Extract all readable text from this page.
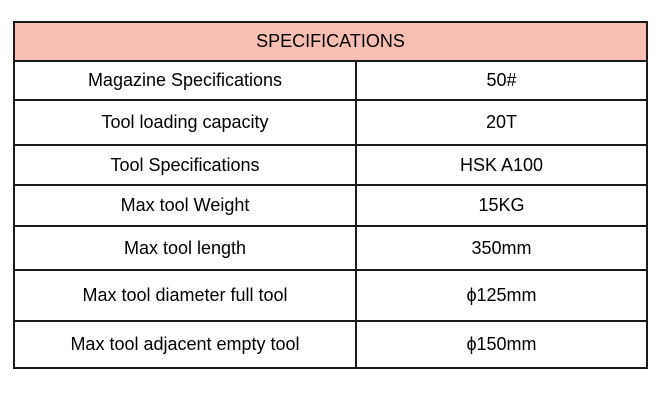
SPECIFICATIONS	
Magazine Specifications	50#
Tool loading capacity	20T
Tool Specifications	HSK A100
Max tool Weight	15KG
Max tool length	350mm
Max tool diameter full tool	ϕ125mm
Max tool adjacent empty tool	ϕ150mm
